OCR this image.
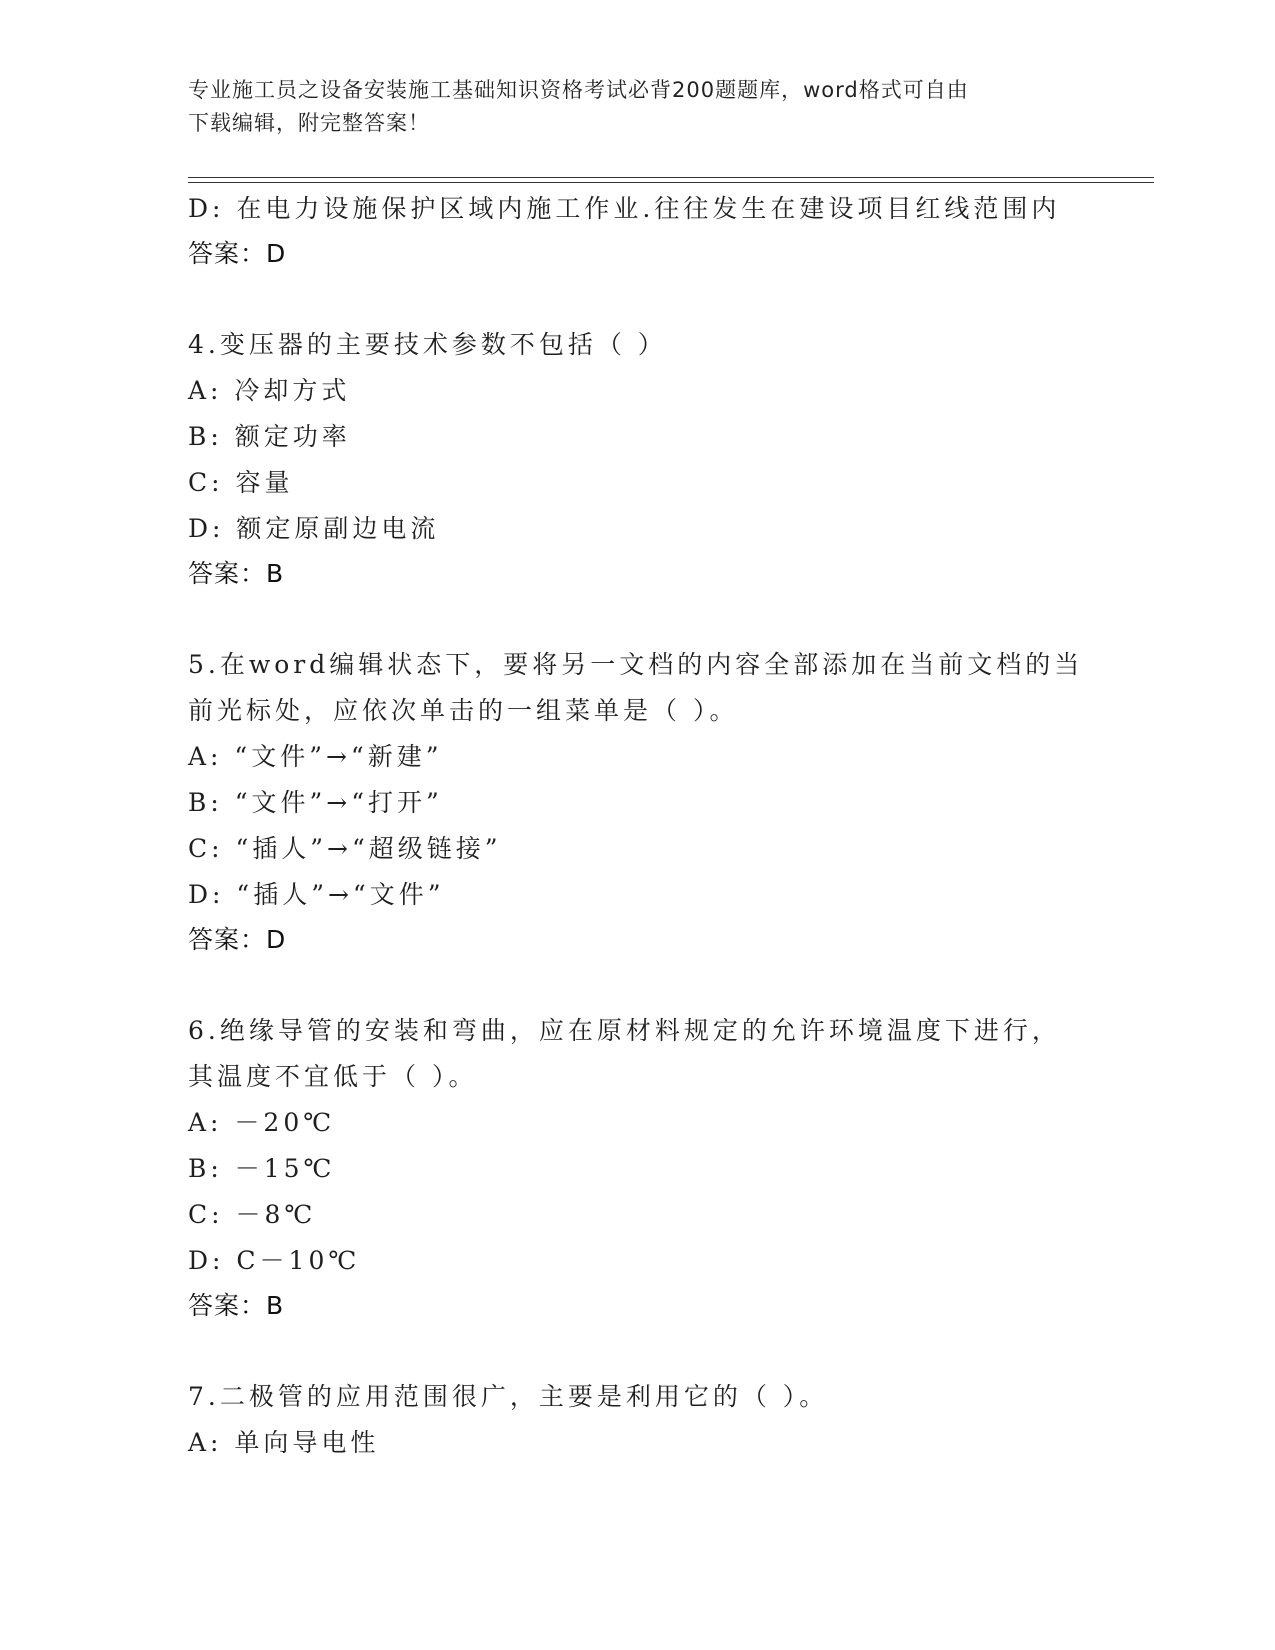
专业施工员之设备安装施工基础知识资格考试必背200题题库，word格式可自由
下载编辑，附完整答案！
D: 在电力设施保护区域内施工作业.往往发生在建设项目红线范围内
答案：D
4.变压器的主要技术参数不包括（ ）
A: 冷却方式
B: 额定功率
C: 容量
D: 额定原副边电流
答案：B
5.在word编辑状态下，要将另一文档的内容全部添加在当前文档的当
前光标处，应依次单击的一组菜单是（ ）。
A: “文件”→“新建”
B: “文件”→“打开”
C: “插人”→“超级链接”
D: “插人”→“文件”
答案：D
6.绝缘导管的安装和弯曲，应在原材料规定的允许环境温度下进行，
其温度不宜低于（ ）。
A: －20℃
B: －15℃
C: －8℃
D: C－10℃
答案：B
7.二极管的应用范围很广，主要是利用它的（ ）。
A: 单向导电性
